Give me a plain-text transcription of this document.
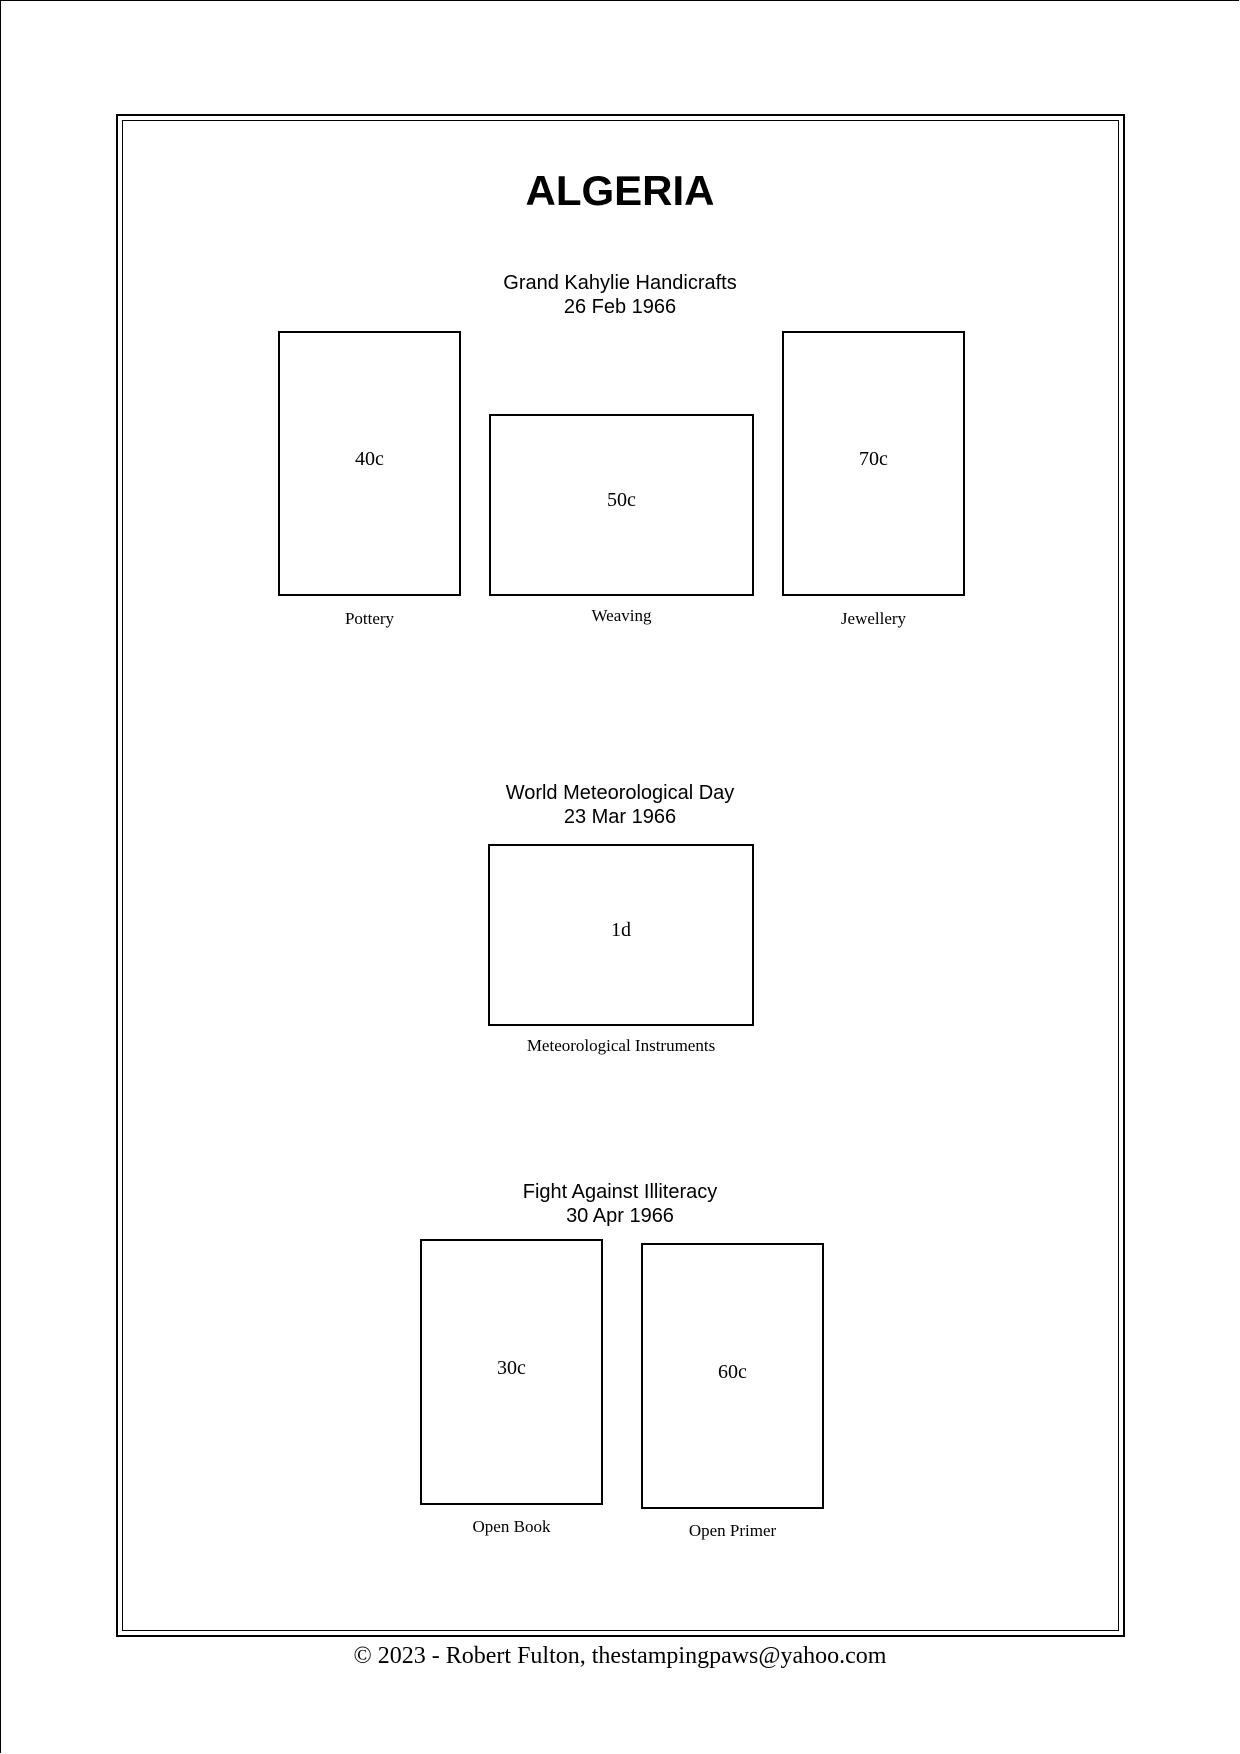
ALGERIA
Grand Kahylie Handicrafts
26 Feb 1966
40c
Pottery
50c
Weaving
70c
Jewellery
World Meteorological Day
23 Mar 1966
1d
Meteorological Instruments
Fight Against Illiteracy
30 Apr 1966
30c
Open Book
60c
Open Primer
© 2023 - Robert Fulton, thestampingpaws@yahoo.com
